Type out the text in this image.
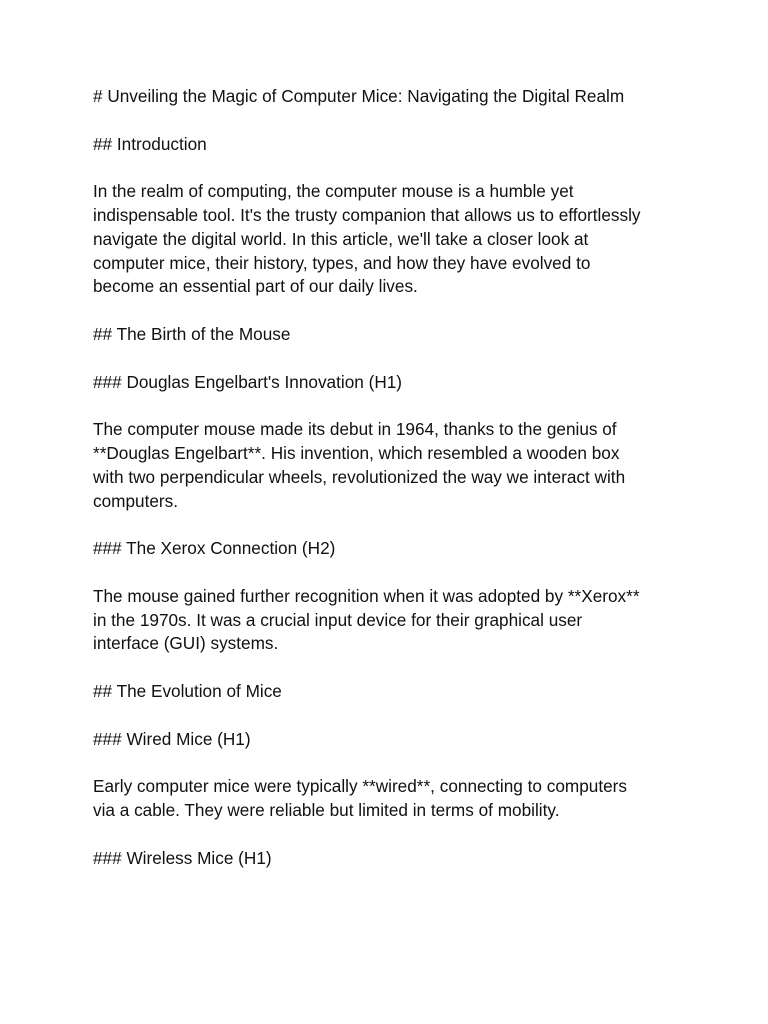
# Unveiling the Magic of Computer Mice: Navigating the Digital Realm

## Introduction

In the realm of computing, the computer mouse is a humble yet

indispensable tool. It's the trusty companion that allows us to effortlessly

navigate the digital world. In this article, we'll take a closer look at

computer mice, their history, types, and how they have evolved to

become an essential part of our daily lives.

## The Birth of the Mouse

### Douglas Engelbart's Innovation (H1)

The computer mouse made its debut in 1964, thanks to the genius of

**Douglas Engelbart**. His invention, which resembled a wooden box

with two perpendicular wheels, revolutionized the way we interact with

computers.

### The Xerox Connection (H2)

The mouse gained further recognition when it was adopted by **Xerox**

in the 1970s. It was a crucial input device for their graphical user

interface (GUI) systems.

## The Evolution of Mice

### Wired Mice (H1)

Early computer mice were typically **wired**, connecting to computers

via a cable. They were reliable but limited in terms of mobility.

### Wireless Mice (H1)
